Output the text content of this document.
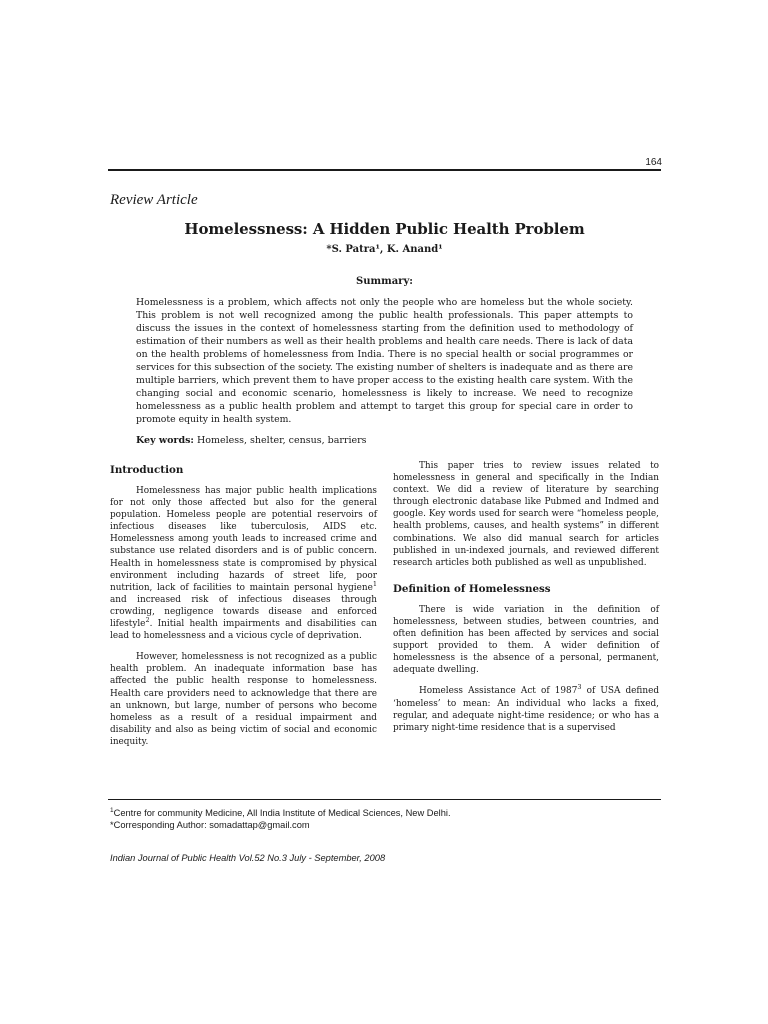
164
Review Article
Homelessness: A Hidden Public Health Problem
*S. Patra¹, K. Anand¹
Summary:

Homelessness is a problem, which affects not only the people who are homeless but the whole society. This problem is not well recognized among the public health professionals. This paper attempts to discuss the issues in the context of homelessness starting from the definition used to methodology of estimation of their numbers as well as their health problems and health care needs. There is lack of data on the health problems of homelessness from India. There is no special health or social programmes or services for this subsection of the society. The existing number of shelters is inadequate and as there are multiple barriers, which prevent them to have proper access to the existing health care system. With the changing social and economic scenario, homelessness is likely to increase. We need to recognize homelessness as a public health problem and attempt to target this group for special care in order to promote equity in health system.

Key words: Homeless, shelter, census, barriers
Introduction

Homelessness has major public health implications for not only those affected but also for the general population. Homeless people are potential reservoirs of infectious diseases like tuberculosis, AIDS etc. Homelessness among youth leads to increased crime and substance use related disorders and is of public concern. Health in homelessness state is compromised by physical environment including hazards of street life, poor nutrition, lack of facilities to maintain personal hygiene$^1$ and increased risk of infectious diseases through crowding, negligence towards disease and enforced lifestyle$^2$. Initial health impairments and disabilities can lead to homelessness and a vicious cycle of deprivation.

However, homelessness is not recognized as a public health problem. An inadequate information base has affected the public health response to homelessness. Health care providers need to acknowledge that there are an unknown, but large, number of persons who become homeless as a result of a residual impairment and disability and also as being victim of social and economic inequity.

This paper tries to review issues related to homelessness in general and specifically in the Indian context. We did a review of literature by searching through electronic database like Pubmed and Indmed and google. Key words used for search were “homeless people, health problems, causes, and health systems” in different combinations. We also did manual search for articles published in un-indexed journals, and reviewed different research articles both published as well as unpublished.

Definition of Homelessness

There is wide variation in the definition of homelessness, between studies, between countries, and often definition has been affected by services and social support provided to them. A wider definition of homelessness is the absence of a personal, permanent, adequate dwelling.

Homeless Assistance Act of 1987$^3$ of USA defined ‘homeless’ to mean: An individual who lacks a fixed, regular, and adequate night-time residence; or who has a primary night-time residence that is a supervised

$^1$Centre for community Medicine, All India Institute of Medical Sciences, New Delhi.
*Corresponding Author: somadattap@gmail.com
Indian Journal of Public Health Vol.52 No.3 July - September, 2008
